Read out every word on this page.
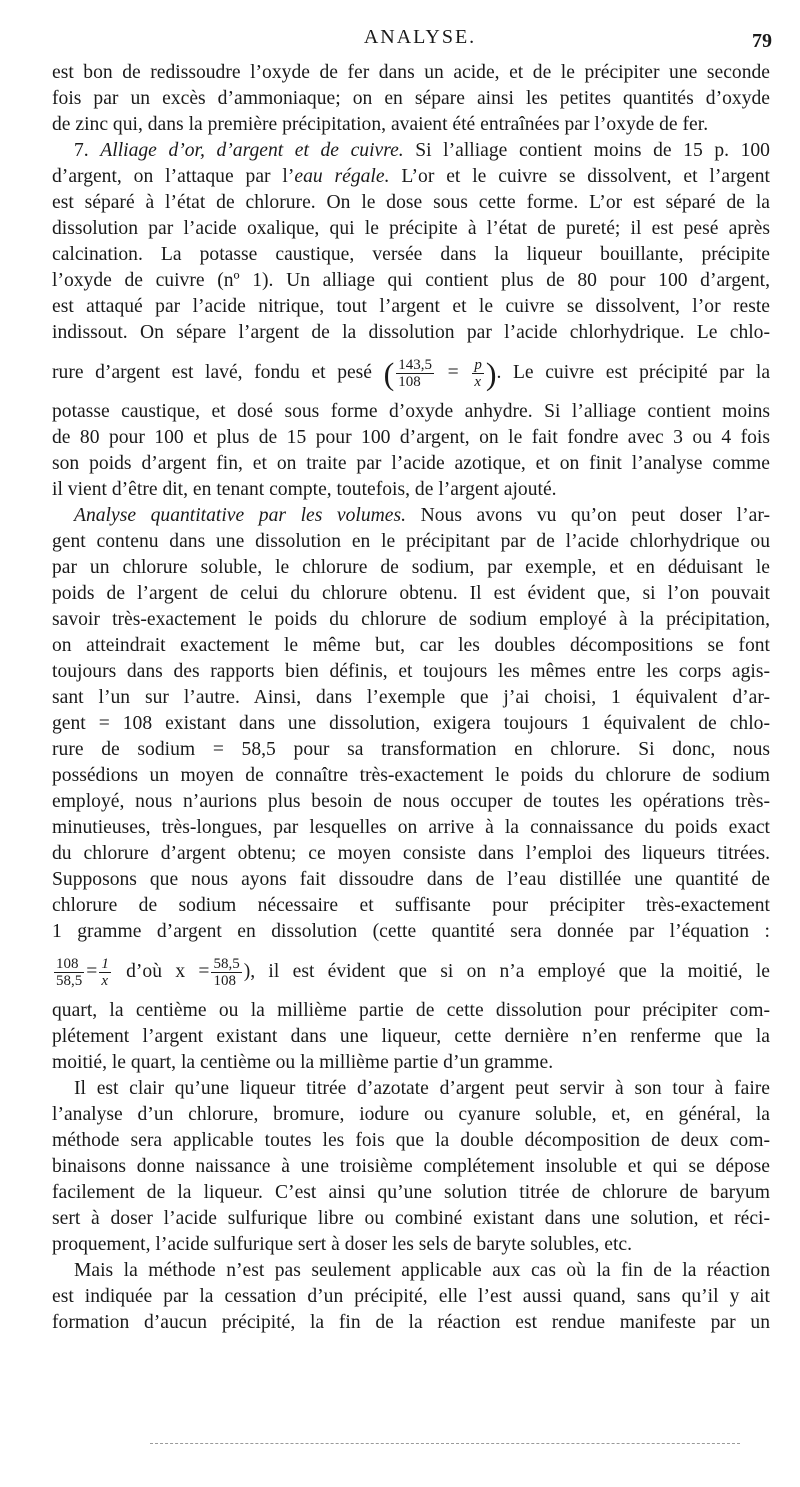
ANALYSE.	79
est bon de redissoudre l’oxyde de fer dans un acide, et de le précipiter une seconde
fois par un excès d’ammoniaque; on en sépare ainsi les petites quantités d’oxyde
de zinc qui, dans la première précipitation, avaient été entraînées par l’oxyde de fer.
7. Alliage d’or, d’argent et de cuivre. Si l’alliage contient moins de 15 p. 100
d’argent, on l’attaque par l’eau régale. L’or et le cuivre se dissolvent, et l’argent
est séparé à l’état de chlorure. On le dose sous cette forme. L’or est séparé de la
dissolution par l’acide oxalique, qui le précipite à l’état de pureté; il est pesé après
calcination. La potasse caustique, versée dans la liqueur bouillante, précipite
l’oxyde de cuivre (nº 1). Un alliage qui contient plus de 80 pour 100 d’argent,
est attaqué par l’acide nitrique, tout l’argent et le cuivre se dissolvent, l’or reste
indissout. On sépare l’argent de la dissolution par l’acide chlorhydrique. Le chlo-
rure d’argent est lavé, fondu et pesé ( $\frac{143,5}{108} = \frac{p}{x}$ ). Le cuivre est précipité par la
potasse caustique, et dosé sous forme d’oxyde anhydre. Si l’alliage contient moins
de 80 pour 100 et plus de 15 pour 100 d’argent, on le fait fondre avec 3 ou 4 fois
son poids d’argent fin, et on traite par l’acide azotique, et on finit l’analyse comme
il vient d’être dit, en tenant compte, toutefois, de l’argent ajouté.
Analyse quantitative par les volumes. Nous avons vu qu’on peut doser l’ar-
gent contenu dans une dissolution en le précipitant par de l’acide chlorhydrique ou
par un chlorure soluble, le chlorure de sodium, par exemple, et en déduisant le
poids de l’argent de celui du chlorure obtenu. Il est évident que, si l’on pouvait
savoir très-exactement le poids du chlorure de sodium employé à la précipitation,
on atteindrait exactement le même but, car les doubles décompositions se font
toujours dans des rapports bien définis, et toujours les mêmes entre les corps agis-
sant l’un sur l’autre. Ainsi, dans l’exemple que j’ai choisi, 1 équivalent d’ar-
gent = 108 existant dans une dissolution, exigera toujours 1 équivalent de chlo-
rure de sodium = 58,5 pour sa transformation en chlorure. Si donc, nous
possédions un moyen de connaître très-exactement le poids du chlorure de sodium
employé, nous n’aurions plus besoin de nous occuper de toutes les opérations très-
minutieuses, très-longues, par lesquelles on arrive à la connaissance du poids exact
du chlorure d’argent obtenu; ce moyen consiste dans l’emploi des liqueurs titrées.
Supposons que nous ayons fait dissoudre dans de l’eau distillée une quantité de
chlorure de sodium nécessaire et suffisante pour précipiter très-exactement
1 gramme d’argent en dissolution (cette quantité sera donnée par l’équation :
$\frac{108}{58,5} = \frac{1}{x}$ d’où $x = \frac{58,5}{108}$ ), il est évident que si on n’a employé que la moitié, le
quart, la centième ou la millième partie de cette dissolution pour précipiter com-
plétement l’argent existant dans une liqueur, cette dernière n’en renferme que la
moitié, le quart, la centième ou la millième partie d’un gramme.
Il est clair qu’une liqueur titrée d’azotate d’argent peut servir à son tour à faire
l’analyse d’un chlorure, bromure, iodure ou cyanure soluble, et, en général, la
méthode sera applicable toutes les fois que la double décomposition de deux com-
binaisons donne naissance à une troisième complétement insoluble et qui se dépose
facilement de la liqueur. C’est ainsi qu’une solution titrée de chlorure de baryum
sert à doser l’acide sulfurique libre ou combiné existant dans une solution, et réci-
proquement, l’acide sulfurique sert à doser les sels de baryte solubles, etc.
Mais la méthode n’est pas seulement applicable aux cas où la fin de la réaction
est indiquée par la cessation d’un précipité, elle l’est aussi quand, sans qu’il y ait
formation d’aucun précipité, la fin de la réaction est rendue manifeste par un
